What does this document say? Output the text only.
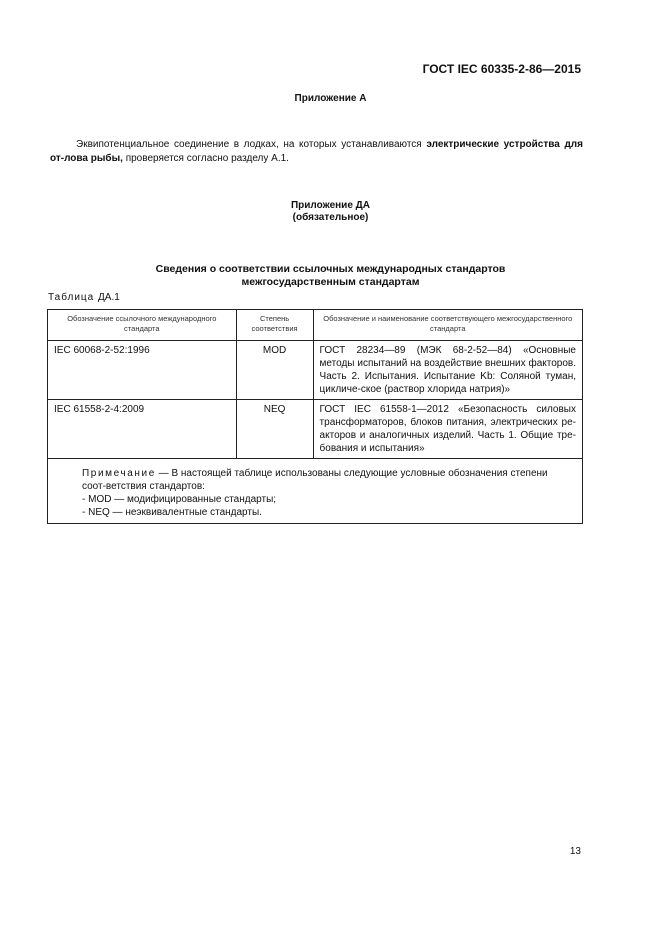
ГОСТ IEC 60335-2-86—2015
Приложение А
Эквипотенциальное соединение в лодках, на которых устанавливаются электрические устройства для от-лова рыбы, проверяется согласно разделу А.1.
Приложение ДА
(обязательное)
Сведения о соответствии ссылочных международных стандартов
межгосударственным стандартам
Таблица ДА.1
Обозначение ссылочного международного стандарта	Степень соответствия	Обозначение и наименование соответствующего межгосударственного стандарта
IEC 60068-2-52:1996	MOD	ГОСТ 28234—89 (МЭК 68-2-52—84) «Основные методы испытаний на воздействие внешних факторов. Часть 2. Испытания. Испытание Kb: Соляной туман, цикличе-ское (раствор хлорида натрия)»
IEC 61558-2-4:2009	NEQ	ГОСТ IEC 61558-1—2012 «Безопасность силовых трансформаторов, блоков питания, электрических ре-акторов и аналогичных изделий. Часть 1. Общие тре-бования и испытания»

Примечание — В настоящей таблице использованы следующие условные обозначения степени соот-ветствия стандартов:
- MOD — модифицированные стандарты;
- NEQ — неэквивалентные стандарты.		
13
